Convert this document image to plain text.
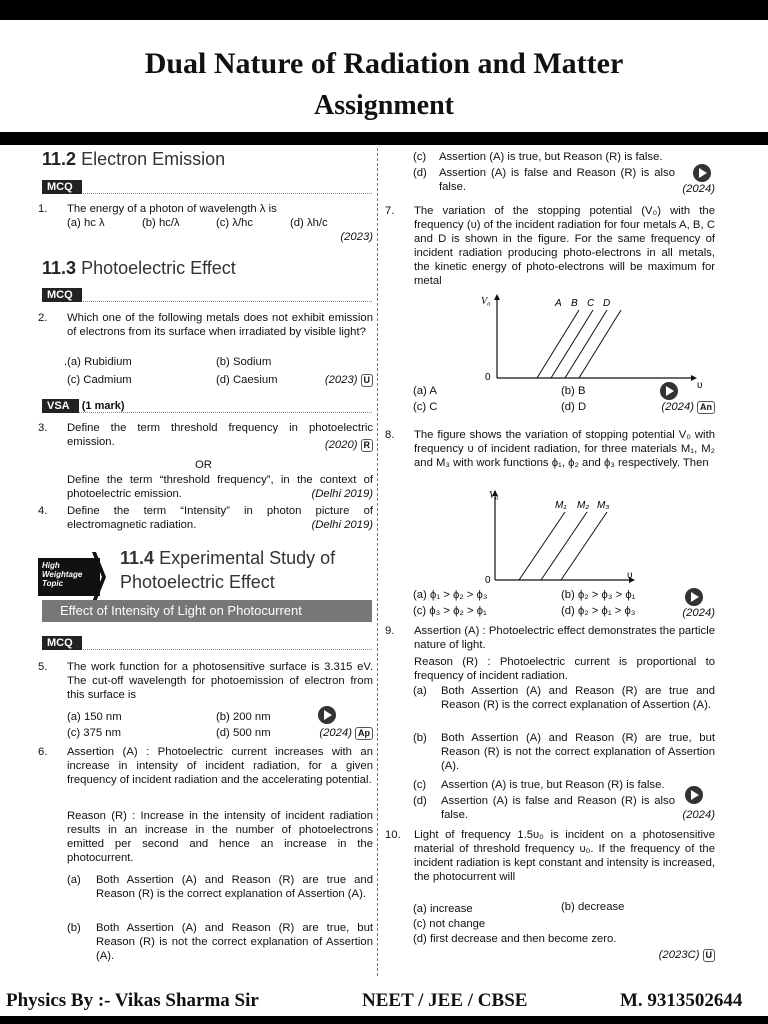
Dual Nature of Radiation and Matter
Assignment
11.2 Electron Emission
MCQ
1. The energy of a photon of wavelength λ is
(a) hc λ	(b) hc/λ	(c) λ/hc	(d) λh/c
(2023)
11.3 Photoelectric Effect
MCQ
2. Which one of the following metals does not exhibit emission of electrons from its surface when irradiated by visible light?
.(a) Rubidium	(b) Sodium
(c) Cadmium	(d) Caesium	(2023) U
VSA (1 mark)
3. Define the term threshold frequency in photoelectric emission.	(2020) R
OR
Define the term “threshold frequency”, in the context of photoelectric emission.	(Delhi 2019)
4. Define the term “Intensity” in photon picture of electromagnetic radiation.	(Delhi 2019)
High
Weightage
Topic
11.4 Experimental Study of
Photoelectric Effect
Effect of Intensity of Light on Photocurrent
MCQ
5. The work function for a photosensitive surface is 3.315 eV. The cut-off wavelength for photoemission of electron from this surface is
(a) 150 nm	(b) 200 nm
(c) 375 nm	(d) 500 nm	(2024) Ap
6. Assertion (A) : Photoelectric current increases with an increase in intensity of incident radiation, for a given frequency of incident radiation and the accelerating potential.
Reason (R) : Increase in the intensity of incident radiation results in an increase in the number of photoelectrons emitted per second and hence an increase in the photocurrent.
(a) Both Assertion (A) and Reason (R) are true and Reason (R) is the correct explanation of Assertion (A).
(b) Both Assertion (A) and Reason (R) are true, but Reason (R) is not the correct explanation of Assertion (A).
(c) Assertion (A) is true, but Reason (R) is false.
(d) Assertion (A) is false and Reason (R) is also false.	(2024)
7. The variation of the stopping potential (V₀) with the frequency (υ) of the incident radiation for four metals A, B, C and D is shown in the figure. For the same frequency of incident radiation producing photo-electrons in all metals, the kinetic energy of photo-electrons will be maximum for metal
V₀
0
υ
A B C D
(a) A	(b) B
(c) C	(d) D	(2024) An
8. The figure shows the variation of stopping potential V₀ with frequency υ of incident radiation, for three materials M₁, M₂ and M₃ with work functions ϕ₁, ϕ₂ and ϕ₃ respectively. Then
V₀
0	υ
M₁ M₂ M₃
(a) ϕ₁ > ϕ₂ > ϕ₃	(b) ϕ₂ > ϕ₃ > ϕ₁
(c) ϕ₃ > ϕ₂ > ϕ₁	(d) ϕ₂ > ϕ₁ > ϕ₃	(2024)
9. Assertion (A) : Photoelectric effect demonstrates the particle nature of light.
Reason (R) : Photoelectric current is proportional to frequency of incident radiation.
(a) Both Assertion (A) and Reason (R) are true and Reason (R) is the correct explanation of Assertion (A).
(b) Both Assertion (A) and Reason (R) are true, but Reason (R) is not the correct explanation of Assertion (A).
(c) Assertion (A) is true, but Reason (R) is false.
(d) Assertion (A) is false and Reason (R) is also false.	(2024)
10. Light of frequency 1.5υ₀ is incident on a photosensitive material of threshold frequency υ₀. If the frequency of the incident radiation is kept constant and intensity is increased, the photocurrent will
(a) increase	(b) decrease
(c) not change
(d) first decrease and then become zero.
(2023C) U
Physics By :- Vikas Sharma Sir	NEET / JEE / CBSE	M. 9313502644
